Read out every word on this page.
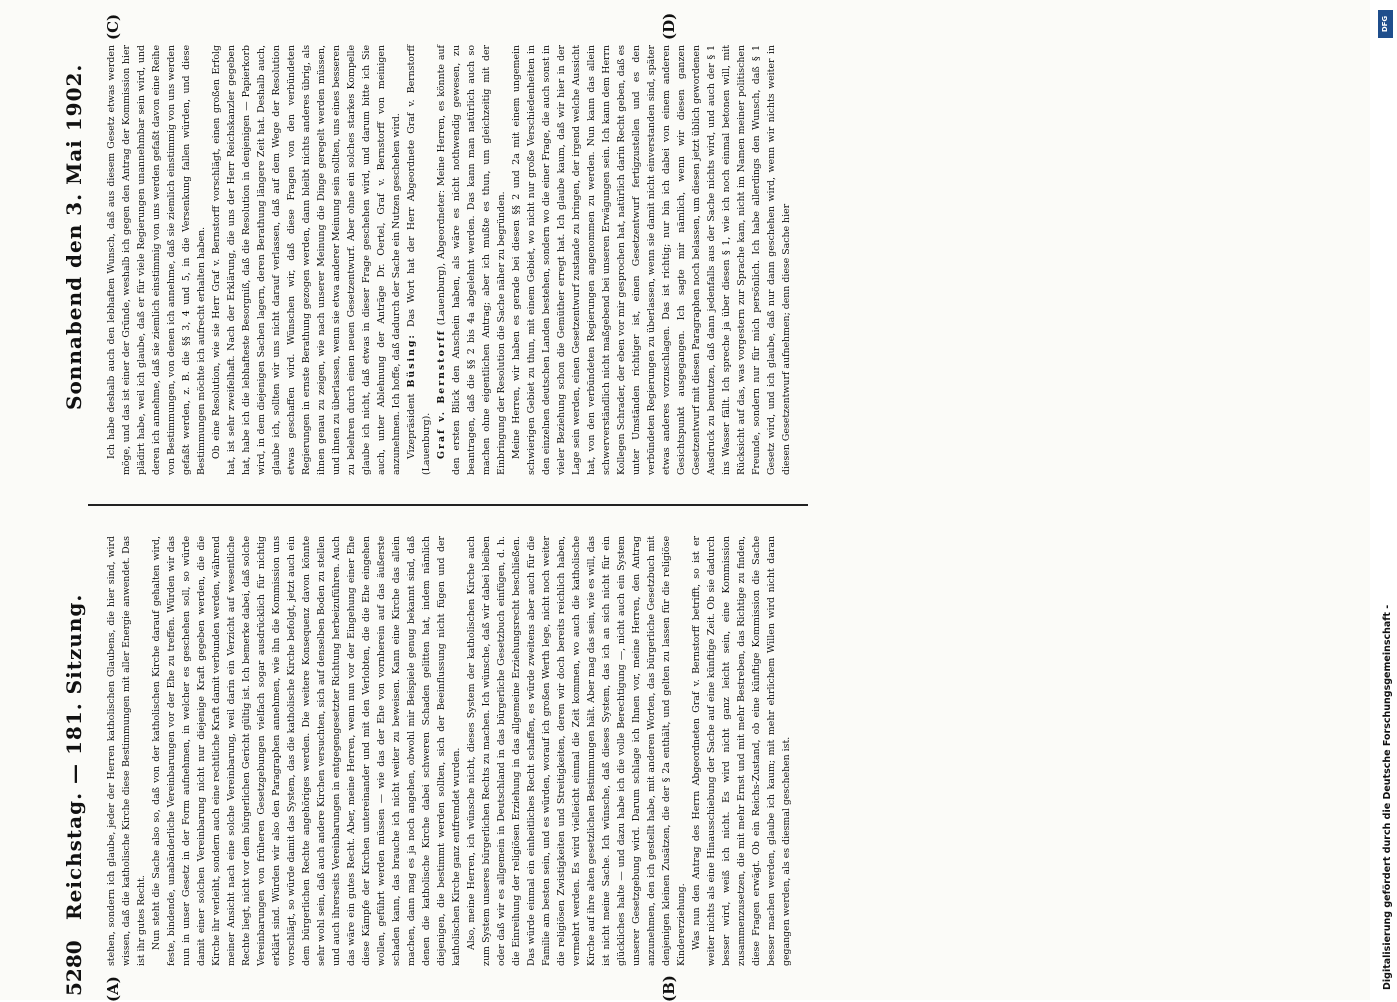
5280
Reichstag. — 181. Sitzung.
Sonnabend den 3. Mai 1902.
(A)	(B)
(C)	(D)

stehen, sondern ich glaube, jeder der Herren katholischen Glaubens, die hier sind, wird wissen, daß die katholische Kirche diese Bestimmungen mit aller Energie anwendet. Das ist ihr gutes Recht. Nun steht die Sache also so, daß von der katholischen Kirche darauf gehalten wird, feste, bindende, unabänderliche Vereinbarungen vor der Ehe zu treffen. Würden wir das nun in unser Gesetz in der Form aufnehmen, in welcher es geschehen soll, so würde damit einer solchen Vereinbarung nicht nur diejenige Kraft gegeben werden, die die Kirche ihr verleiht, sondern auch eine rechtliche Kraft damit verbunden werden, während meiner Ansicht nach eine solche Vereinbarung, weil darin ein Verzicht auf wesentliche Rechte liegt, nicht vor dem bürgerlichen Gericht gültig ist. Ich bemerke dabei, daß solche Vereinbarungen von früheren Gesetzgebungen vielfach sogar ausdrücklich für nichtig erklärt sind. Würden wir also den Paragraphen annehmen, wie ihn die Kommission uns vorschlägt, so würde damit das System, das die katholische Kirche befolgt, jetzt auch ein dem bürgerlichen Rechte angehöriges werden. Die weitere Konsequenz davon könnte sehr wohl sein, daß auch andere Kirchen versuchten, sich auf denselben Boden zu stellen und auch ihrerseits Vereinbarungen in entgegengesetzter Richtung herbeizuführen. Auch das wäre ein gutes Recht. Aber, meine Herren, wenn nun vor der Eingehung einer Ehe diese Kämpfe der Kirchen untereinander und mit den Verlobten, die die Ehe eingehen wollen, geführt werden müssen — wie das der Ehe von vornherein auf das äußerste schaden kann, das brauche ich nicht weiter zu beweisen. Kann eine Kirche das allein machen, dann mag es ja noch angehen, obwohl mir Beispiele genug bekannt sind, daß denen die katholische Kirche dabei schweren Schaden gelitten hat, indem nämlich diejenigen, die bestimmt werden sollten, sich der Beeinflussung nicht fügen und der katholischen Kirche ganz entfremdet wurden. Also, meine Herren, ich wünsche nicht, dieses System der katholischen Kirche auch zum System unseres bürgerlichen Rechts zu machen. Ich wünsche, daß wir dabei bleiben oder daß wir es allgemein in Deutschland in das bürgerliche Gesetzbuch einfügen, d. h. die Einreihung der religiösen Erziehung in das allgemeine Erziehungsrecht beschließen. Das würde einmal ein einheitliches Recht schaffen, es würde zweitens aber auch für die Familie am besten sein, und es würden, worauf ich großen Werth lege, nicht noch weiter die religiösen Zwistigkeiten und Streitigkeiten, deren wir doch bereits reichlich haben, vermehrt werden. Es wird vielleicht einmal die Zeit kommen, wo auch die katholische Kirche auf ihre alten gesetzlichen Bestimmungen hält. Aber mag das sein, wie es will, das ist nicht meine Sache. Ich wünsche, daß dieses System, das ich an sich nicht für ein glückliches halte — und dazu habe ich die volle Berechtigung —, nicht auch ein System unserer Gesetzgebung wird. Darum schlage ich Ihnen vor, meine Herren, den Antrag anzunehmen, den ich gestellt habe, mit anderen Worten, das bürgerliche Gesetzbuch mit denjenigen kleinen Zusätzen, die der § 2a enthält, und gelten zu lassen für die religiöse Kindererziehung. Was nun den Antrag des Herrn Abgeordneten Graf v. Bernstorff betrifft, so ist er weiter nichts als eine Hinausschiebung der Sache auf eine künftige Zeit. Ob sie dadurch besser wird, weiß ich nicht. Es wird nicht ganz leicht sein, eine Kommission zusammenzusetzen, die mit mehr Ernst und mit mehr Bestreben, das Richtige zu finden, diese Fragen erwägt. Ob ein Reichs-Zustand, ob eine künftige Kommission die Sache besser machen werden, glaube ich kaum; mit mehr ehrlichem Willen wird nicht daran gegangen werden, als es diesmal geschehen ist.

Ich habe deshalb auch den lebhaften Wunsch, daß aus diesem Gesetz etwas werden möge, und das ist einer der Gründe, weshalb ich gegen den Antrag der Kommission hier plädirt habe, weil ich glaube, daß er für viele Regierungen unannehmbar sein wird, und deren ich annehme, daß sie ziemlich einstimmig von uns werden gefaßt davon eine Reihe von Bestimmungen, von denen ich annehme, daß sie ziemlich einstimmig von uns werden gefaßt werden, z. B. die §§ 3, 4 und 5, in die Versenkung fallen würden, und diese Bestimmungen möchte ich aufrecht erhalten haben. Ob eine Resolution, wie sie Herr Graf v. Bernstorff vorschlägt, einen großen Erfolg hat, ist sehr zweifelhaft. Nach der Erklärung, die uns der Herr Reichskanzler gegeben hat, habe ich die lebhafteste Besorgniß, daß die Resolution in denjenigen — Papierkorb wird, in dem diejenigen Sachen lagern, deren Berathung längere Zeit hat. Deshalb auch, glaube ich, sollten wir uns nicht darauf verlassen, daß auf dem Wege der Resolution etwas geschaffen wird. Wünschen wir, daß diese Fragen von den verbündeten Regierungen in ernste Berathung gezogen werden, dann bleibt nichts anderes übrig, als ihnen genau zu zeigen, wie nach unserer Meinung die Dinge geregelt werden müssen, und ihnen zu überlassen, wenn sie etwa anderer Meinung sein sollten, uns eines besseren zu belehren durch einen neuen Gesetzentwurf. Aber ohne ein solches starkes Kompelle glaube ich nicht, daß etwas in dieser Frage geschehen wird, und darum bitte ich Sie auch, unter Ablehnung der Anträge Dr. Oertel, Graf v. Bernstorff von meinigen anzunehmen. Ich hoffe, daß dadurch der Sache ein Nutzen geschehen wird. Vizepräsident Büsing: Das Wort hat der Herr Abgeordnete Graf v. Bernstorff (Lauenburg). Graf v. Bernstorff (Lauenburg), Abgeordneter: Meine Herren, es könnte auf den ersten Blick den Anschein haben, als wäre es nicht nothwendig gewesen, zu beantragen, daß die §§ 2 bis 4a abgelehnt werden. Das kann man natürlich auch so machen ohne eigentlichen Antrag; aber ich mußte es thun, um gleichzeitig mit der Einbringung der Resolution die Sache näher zu begründen. Meine Herren, wir haben es gerade bei diesen §§ 2 und 2a mit einem ungemein schwierigen Gebiet zu thun, mit einem Gebiet, wo nicht nur große Verschiedenheiten in den einzelnen deutschen Landen bestehen, sondern wo die einer Frage, die auch sonst in vieler Beziehung schon die Gemüther erregt hat. Ich glaube kaum, daß wir hier in der Lage sein werden, einen Gesetzentwurf zustande zu bringen, der irgend welche Aussicht hat, von den verbündeten Regierungen angenommen zu werden. Nun kann das allein schwerverständlich nicht maßgebend bei unseren Erwägungen sein. Ich kann dem Herrn Kollegen Schrader, der eben vor mir gesprochen hat, natürlich darin Recht geben, daß es unter Umständen richtiger ist, einen Gesetzentwurf fertigzustellen und es den verbündeten Regierungen zu überlassen, wenn sie damit nicht einverstanden sind, später etwas anderes vorzuschlagen. Das ist richtig; nur bin ich dabei von einem anderen Gesichtspunkt ausgegangen. Ich sagte mir nämlich, wenn wir diesen ganzen Gesetzentwurf mit diesen Paragraphen noch belassen, um diesen jetzt üblich gewordenen Ausdruck zu benutzen, daß dann jedenfalls aus der Sache nichts wird, und auch der § 1 ins Wasser fällt. Ich spreche ja über diesen § 1, wie ich noch einmal betonen will, mit Rücksicht auf das, was vorgestern zur Sprache kam, nicht im Namen meiner politischen Freunde, sondern nur für mich persönlich. Ich habe allerdings den Wunsch, daß § 1 Gesetz wird, und ich glaube, daß nur dann geschehen wird, wenn wir nichts weiter in diesen Gesetzentwurf aufnehmen; denn diese Sache hier

DFG
Digitalisierung gefördert durch die Deutsche Forschungsgemeinschaft -
